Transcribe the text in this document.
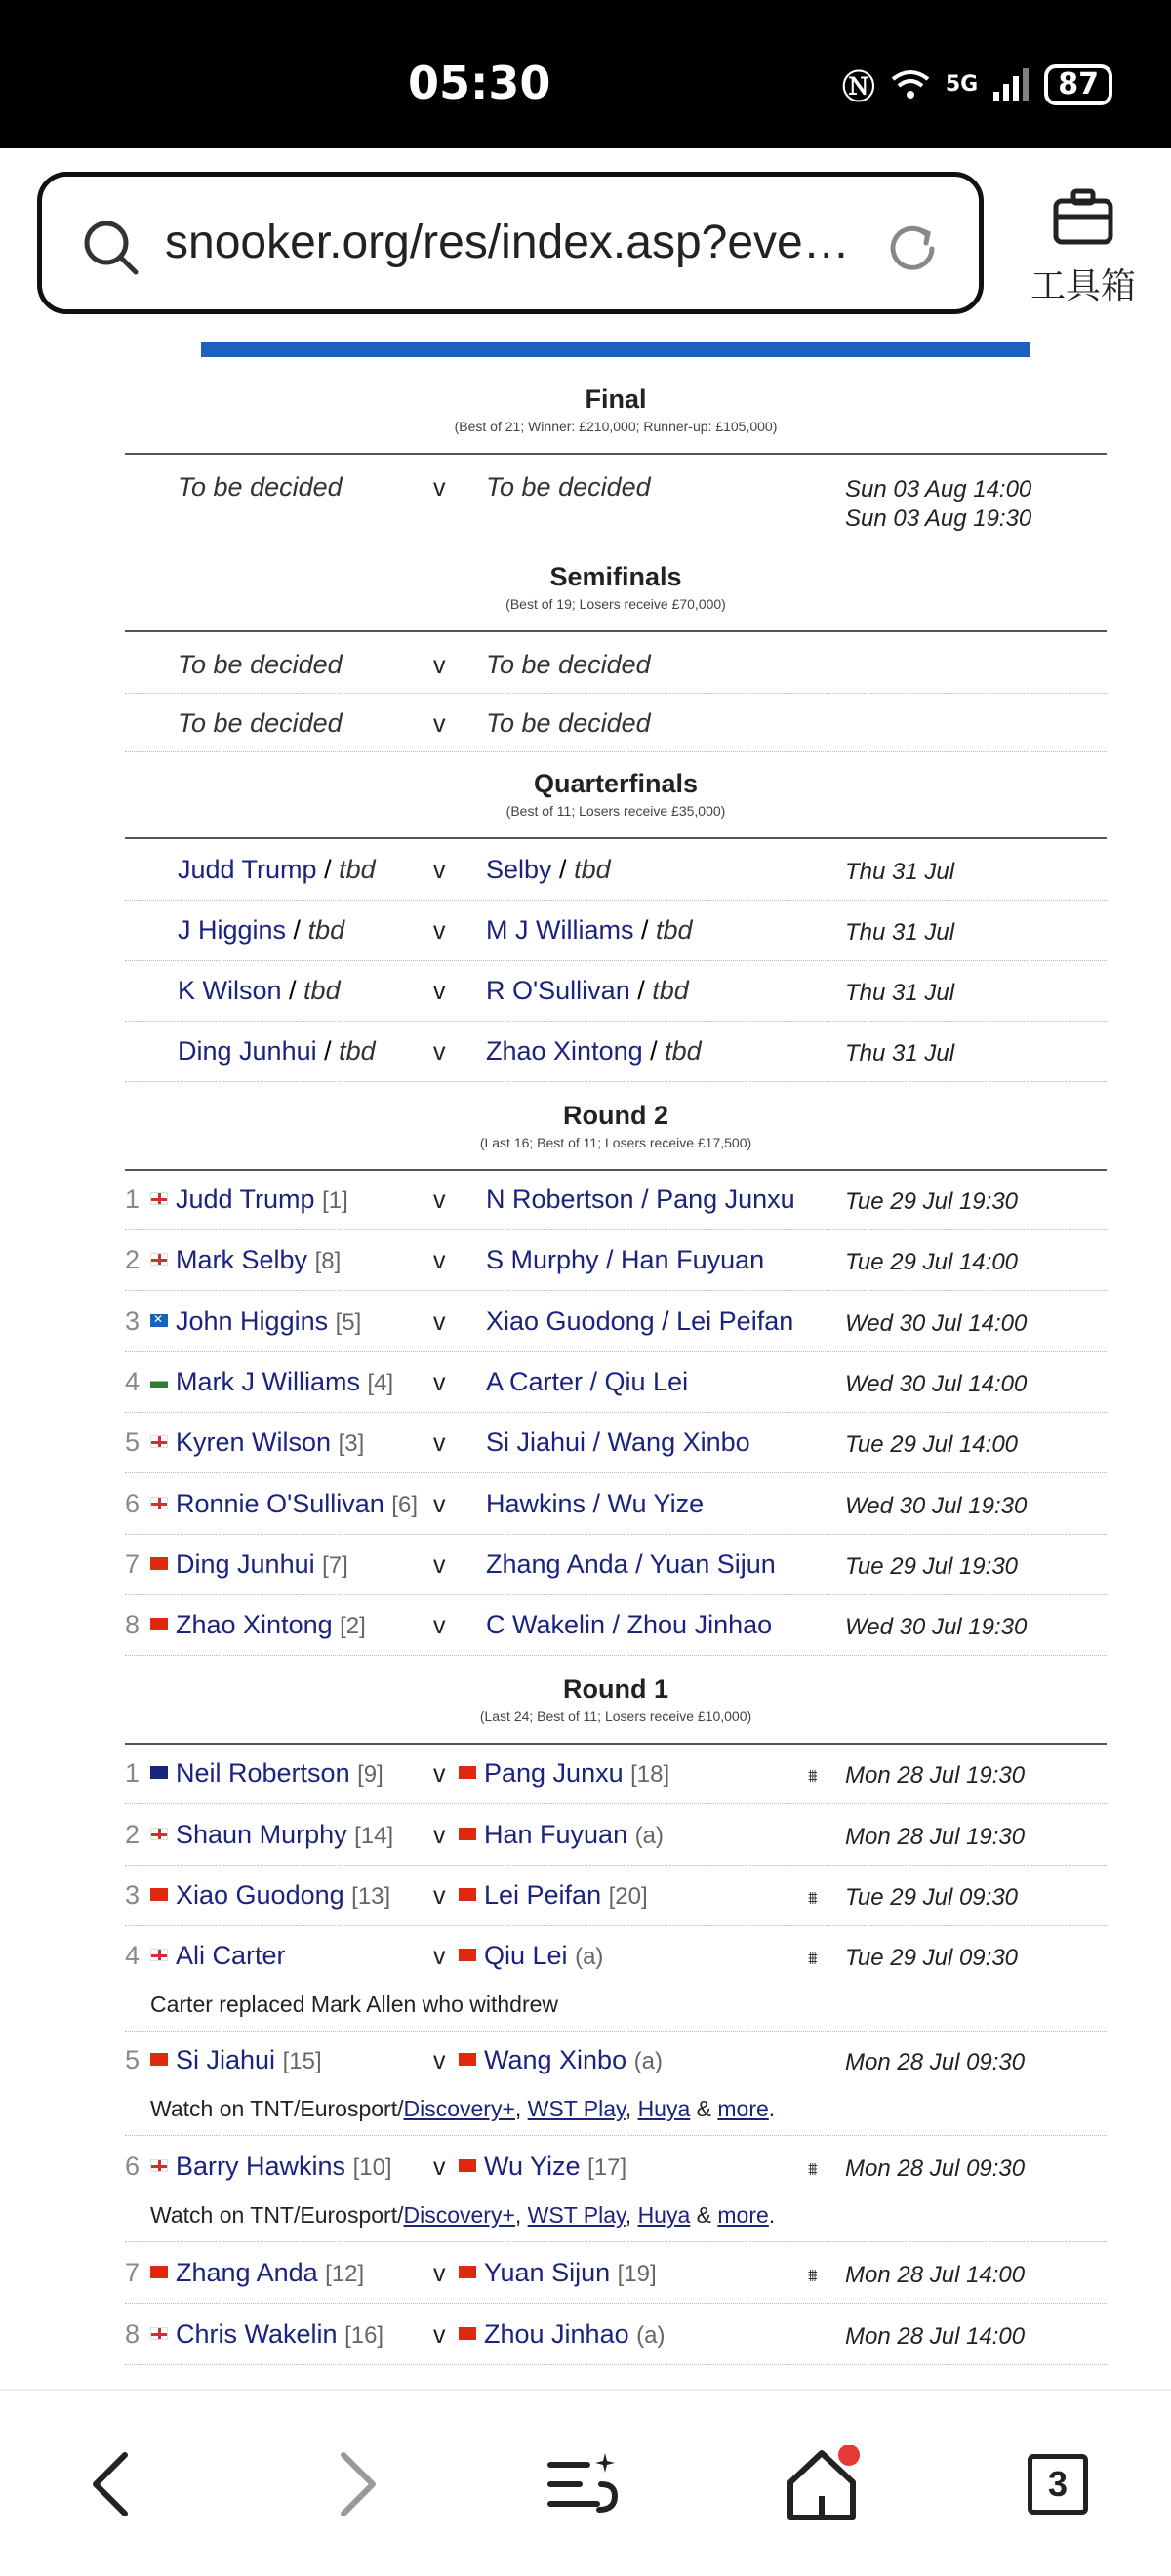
05:30	Ⓝ	5G	87
snooker.org/res/index.asp?eve…
工具箱
Final
(Best of 21; Winner: £210,000; Runner-up: £105,000)
To be decided	v To be decided	Sun 03 Aug 14:00
Sun 03 Aug 19:30
Semifinals
(Best of 19; Losers receive £70,000)
To be decided	v To be decided
To be decided	v To be decided
Quarterfinals
(Best of 11; Losers receive £35,000)
Judd Trump / tbd v Selby / tbd	Thu 31 Jul
J Higgins / tbd	v M J Williams / tbd	Thu 31 Jul
K Wilson / tbd	v R O'Sullivan / tbd	Thu 31 Jul
Ding Junhui / tbd v Zhao Xintong / tbd	Thu 31 Jul
Round 2
(Last 16; Best of 11; Losers receive £17,500)
1	Judd Trump [1]	v N Robertson / Pang Junxu Tue 29 Jul 19:30
2	Mark Selby [8]	v S Murphy / Han Fuyuan	Tue 29 Jul 14:00
3
✕	John Higgins [5]	v Xiao Guodong / Lei Peifan Wed 30 Jul 14:00
4	Mark J Williams [4] v A Carter / Qiu Lei	Wed 30 Jul 14:00
5	Kyren Wilson [3]	v Si Jiahui / Wang Xinbo	Tue 29 Jul 14:00
6	Ronnie O'Sullivan [6] v Hawkins / Wu Yize	Wed 30 Jul 19:30
7	Ding Junhui [7]	v Zhang Anda / Yuan Sijun	Tue 29 Jul 19:30
8	Zhao Xintong [2]	v C Wakelin / Zhou Jinhao	Wed 30 Jul 19:30
Round 1
(Last 24; Best of 11; Losers receive £10,000)
1	Neil Robertson [9] v	Pang Junxu [18]	⩩ Mon 28 Jul 19:30
2	Shaun Murphy [14] v	Han Fuyuan (a)	Mon 28 Jul 19:30
3	Xiao Guodong [13] v	Lei Peifan [20]	⩩ Tue 29 Jul 09:30
4	Ali Carter	v	Qiu Lei (a)	⩩ Tue 29 Jul 09:30
Carter replaced Mark Allen who withdrew
5	Si Jiahui [15]	v	Wang Xinbo (a)	Mon 28 Jul 09:30
Watch on TNT/Eurosport/Discovery+, WST Play, Huya & more.
6	Barry Hawkins [10] v	Wu Yize [17]	⩩ Mon 28 Jul 09:30
Watch on TNT/Eurosport/Discovery+, WST Play, Huya & more.
7	Zhang Anda [12]	v	Yuan Sijun [19]	⩩ Mon 28 Jul 14:00
8	Chris Wakelin [16] v	Zhou Jinhao (a)	Mon 28 Jul 14:00
3
